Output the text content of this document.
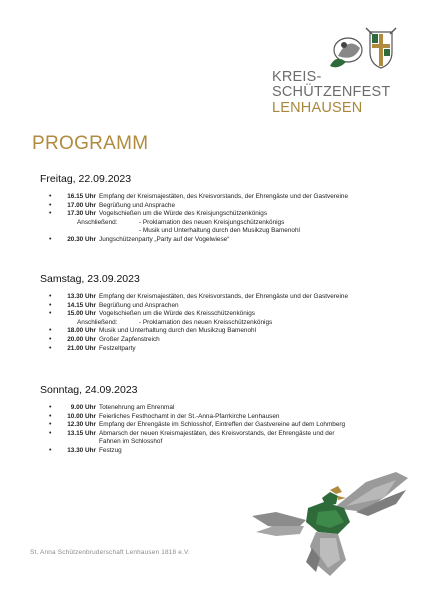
KREIS-
SCHÜTZENFEST
LENHAUSEN
PROGRAMM
Freitag, 22.09.2023
• 16.15 Uhr Empfang der Kreismajestäten, des Kreisvorstands, der Ehrengäste und der Gastvereine
• 17.00 Uhr Begrüßung und Ansprache
• 17.30 Uhr Vogelschießen um die Würde des Kreisjungschützenkönigs
Anschließend:	- Proklamation des neuen Kreisjungschützenkönigs
- Musik und Unterhaltung durch den Musikzug Bamenohl
• 20.30 Uhr Jungschützenparty „Party auf der Vogelwiese“
Samstag, 23.09.2023
• 13.30 Uhr Empfang der Kreismajestäten, des Kreisvorstands, der Ehrengäste und der Gastvereine
• 14.15 Uhr Begrüßung und Ansprachen
• 15.00 Uhr Vogelschießen um die Würde des Kreisschützenkönigs
Anschließend:	- Proklamation des neuen Kreisschützenkönigs
• 18.00 Uhr Musik und Unterhaltung durch den Musikzug Bamenohl
• 20.00 Uhr Großer Zapfenstreich
• 21.00 Uhr Festzeltparty
Sonntag, 24.09.2023
• 9.00 Uhr Totenehrung am Ehrenmal
• 10.00 Uhr Feierliches Festhochamt in der St.-Anna-Pfarrkirche Lenhausen
• 12.30 Uhr Empfang der Ehrengäste im Schlosshof, Eintreffen der Gastvereine auf dem Lohmberg
• 13.15 Uhr Abmarsch der neuen Kreismajestäten, des Kreisvorstands, der Ehrengäste und der
Fahnen im Schlosshof
• 13.30 Uhr Festzug
St. Anna Schützenbruderschaft Lenhausen 1818 e.V.
